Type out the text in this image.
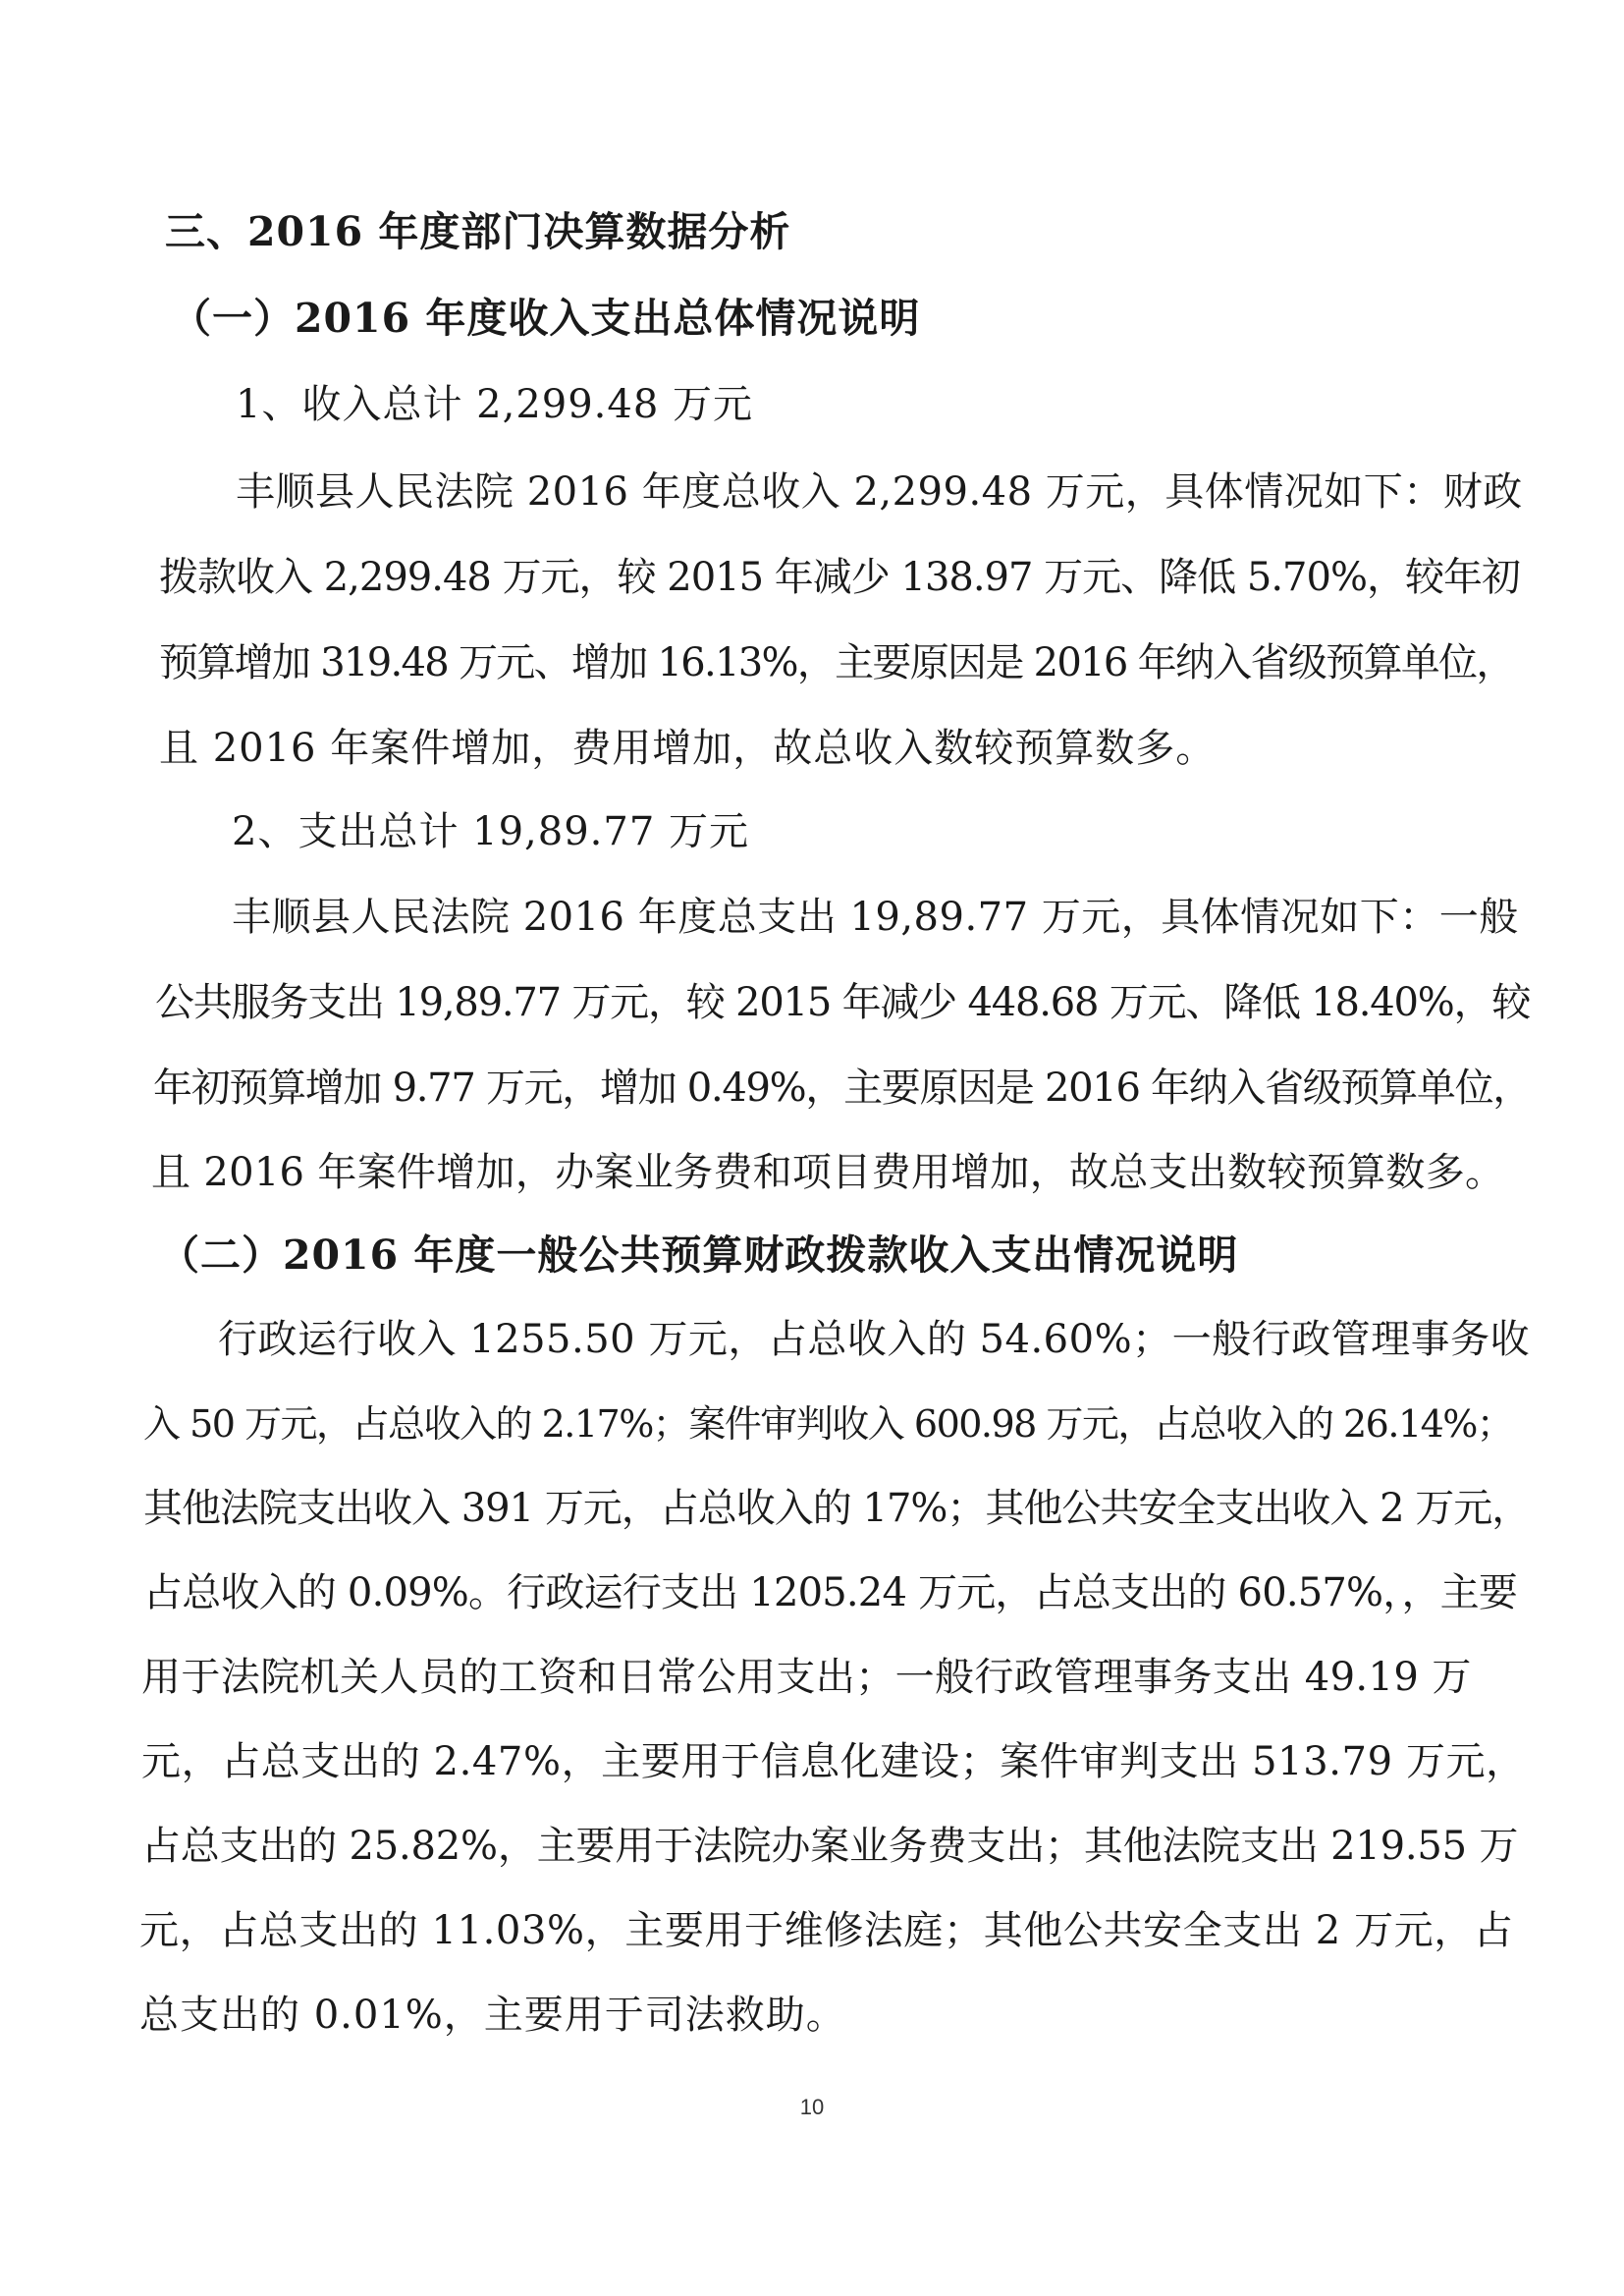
三、2016 年度部门决算数据分析
（一）2016 年度收入支出总体情况说明
1、收入总计 2,299.48 万元
丰顺县人民法院 2016 年度总收入 2,299.48 万元，具体情况如下：财政
拨款收入 2,299.48 万元，较 2015 年减少 138.97 万元、降低 5.70%，较年初
预算增加 319.48 万元、增加 16.13%，主要原因是 2016 年纳入省级预算单位，
且 2016 年案件增加，费用增加，故总收入数较预算数多。
2、支出总计 19,89.77 万元
丰顺县人民法院 2016 年度总支出 19,89.77 万元，具体情况如下：一般
公共服务支出 19,89.77 万元，较 2015 年减少 448.68 万元、降低 18.40%，较
年初预算增加 9.77 万元，增加 0.49%，主要原因是 2016 年纳入省级预算单位，
且 2016 年案件增加，办案业务费和项目费用增加，故总支出数较预算数多。
（二）2016 年度一般公共预算财政拨款收入支出情况说明
行政运行收入 1255.50 万元，占总收入的 54.60%；一般行政管理事务收
入 50 万元，占总收入的 2.17%；案件审判收入 600.98 万元，占总收入的 26.14%；
其他法院支出收入 391 万元，占总收入的 17%；其他公共安全支出收入 2 万元，
占总收入的 0.09%。行政运行支出 1205.24 万元，占总支出的 60.57%，，主要
用于法院机关人员的工资和日常公用支出；一般行政管理事务支出 49.19 万
元，占总支出的 2.47%，主要用于信息化建设；案件审判支出 513.79 万元，
占总支出的 25.82%，主要用于法院办案业务费支出；其他法院支出 219.55 万
元，占总支出的 11.03%，主要用于维修法庭；其他公共安全支出 2 万元，占
总支出的 0.01%，主要用于司法救助。
10
